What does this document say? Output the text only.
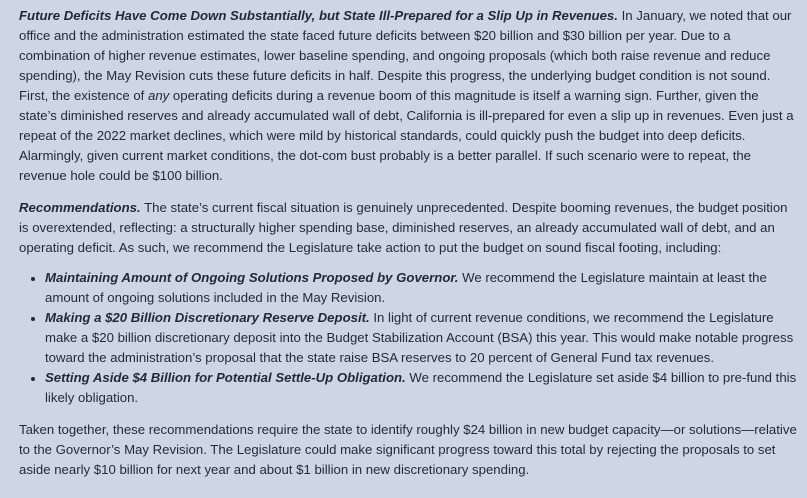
Future Deficits Have Come Down Substantially, but State Ill-Prepared for a Slip Up in Revenues. In January, we noted that our office and the administration estimated the state faced future deficits between $20 billion and $30 billion per year. Due to a combination of higher revenue estimates, lower baseline spending, and ongoing proposals (which both raise revenue and reduce spending), the May Revision cuts these future deficits in half. Despite this progress, the underlying budget condition is not sound. First, the existence of any operating deficits during a revenue boom of this magnitude is itself a warning sign. Further, given the state’s diminished reserves and already accumulated wall of debt, California is ill-prepared for even a slip up in revenues. Even just a repeat of the 2022 market declines, which were mild by historical standards, could quickly push the budget into deep deficits. Alarmingly, given current market conditions, the dot-com bust probably is a better parallel. If such scenario were to repeat, the revenue hole could be $100 billion.

Recommendations. The state’s current fiscal situation is genuinely unprecedented. Despite booming revenues, the budget position is overextended, reflecting: a structurally higher spending base, diminished reserves, an already accumulated wall of debt, and an operating deficit. As such, we recommend the Legislature take action to put the budget on sound fiscal footing, including:

• Maintaining Amount of Ongoing Solutions Proposed by Governor. We recommend the Legislature maintain at least the amount of ongoing solutions included in the May Revision.
• Making a $20 Billion Discretionary Reserve Deposit. In light of current revenue conditions, we recommend the Legislature make a $20 billion discretionary deposit into the Budget Stabilization Account (BSA) this year. This would make notable progress toward the administration’s proposal that the state raise BSA reserves to 20 percent of General Fund tax revenues.
• Setting Aside $4 Billion for Potential Settle-Up Obligation. We recommend the Legislature set aside $4 billion to pre-fund this likely obligation.

Taken together, these recommendations require the state to identify roughly $24 billion in new budget capacity—or solutions—relative to the Governor’s May Revision. The Legislature could make significant progress toward this total by rejecting the proposals to set aside nearly $10 billion for next year and about $1 billion in new discretionary spending.
